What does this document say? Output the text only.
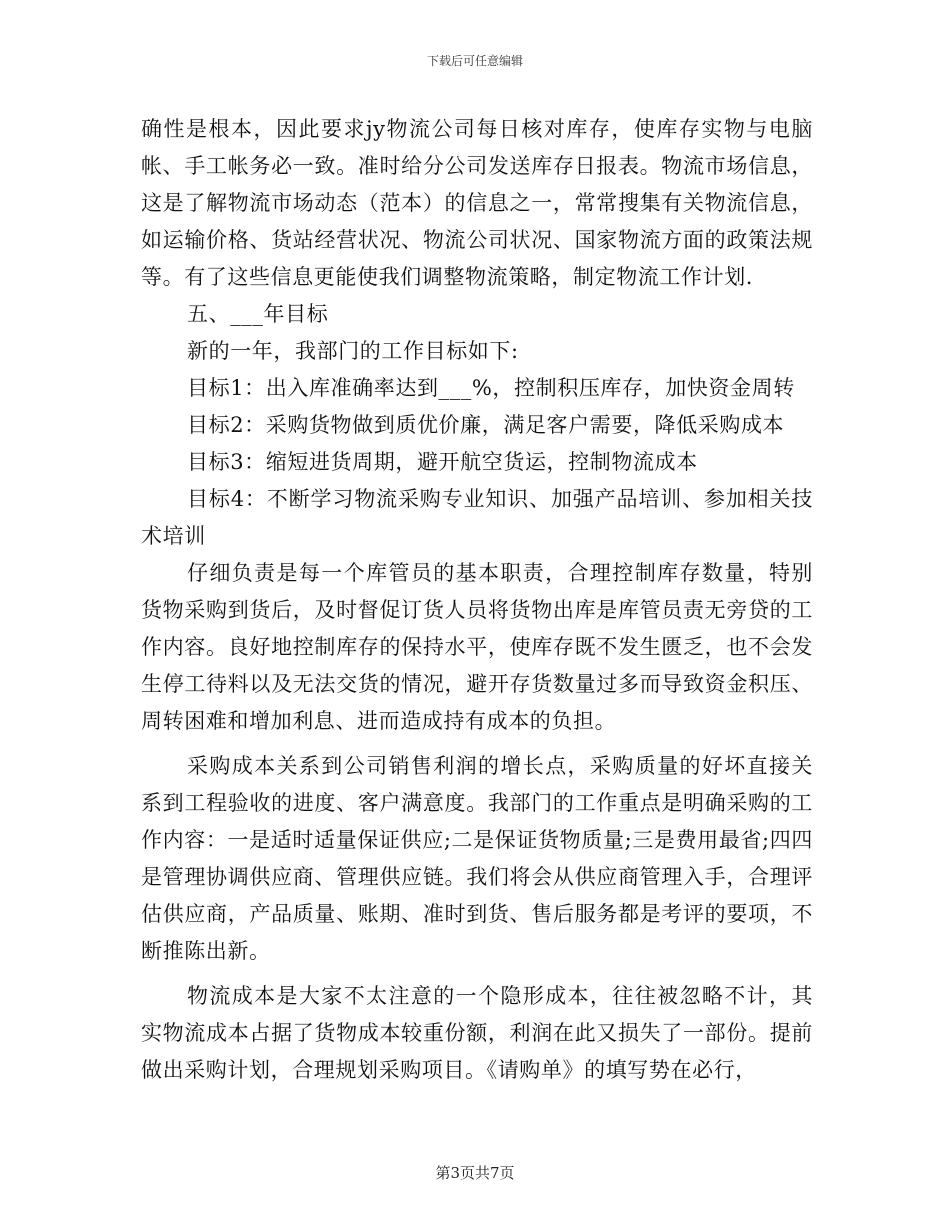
下载后可任意编辑

确性是根本，因此要求jy物流公司每日核对库存，使库存实物与电脑帐、手工帐务必一致。准时给分公司发送库存日报表。物流市场信息，这是了解物流市场动态（范本）的信息之一，常常搜集有关物流信息，如运输价格、货站经营状况、物流公司状况、国家物流方面的政策法规等。有了这些信息更能使我们调整物流策略，制定物流工作计划.

五、___年目标

新的一年，我部门的工作目标如下:

目标1：出入库准确率达到___%，控制积压库存，加快资金周转

目标2：采购货物做到质优价廉，满足客户需要，降低采购成本

目标3：缩短进货周期，避开航空货运，控制物流成本

目标4：不断学习物流采购专业知识、加强产品培训、参加相关技术培训

仔细负责是每一个库管员的基本职责，合理控制库存数量，特别货物采购到货后，及时督促订货人员将货物出库是库管员责无旁贷的工作内容。良好地控制库存的保持水平，使库存既不发生匮乏，也不会发生停工待料以及无法交货的情况，避开存货数量过多而导致资金积压、周转困难和增加利息、进而造成持有成本的负担。

采购成本关系到公司销售利润的增长点，采购质量的好坏直接关系到工程验收的进度、客户满意度。我部门的工作重点是明确采购的工作内容：一是适时适量保证供应;二是保证货物质量;三是费用最省;四四是管理协调供应商、管理供应链。我们将会从供应商管理入手，合理评估供应商，产品质量、账期、准时到货、售后服务都是考评的要项，不断推陈出新。

物流成本是大家不太注意的一个隐形成本，往往被忽略不计，其实物流成本占据了货物成本较重份额，利润在此又损失了一部份。提前做出采购计划，合理规划采购项目。《请购单》的填写势在必行，

第3页共7页
